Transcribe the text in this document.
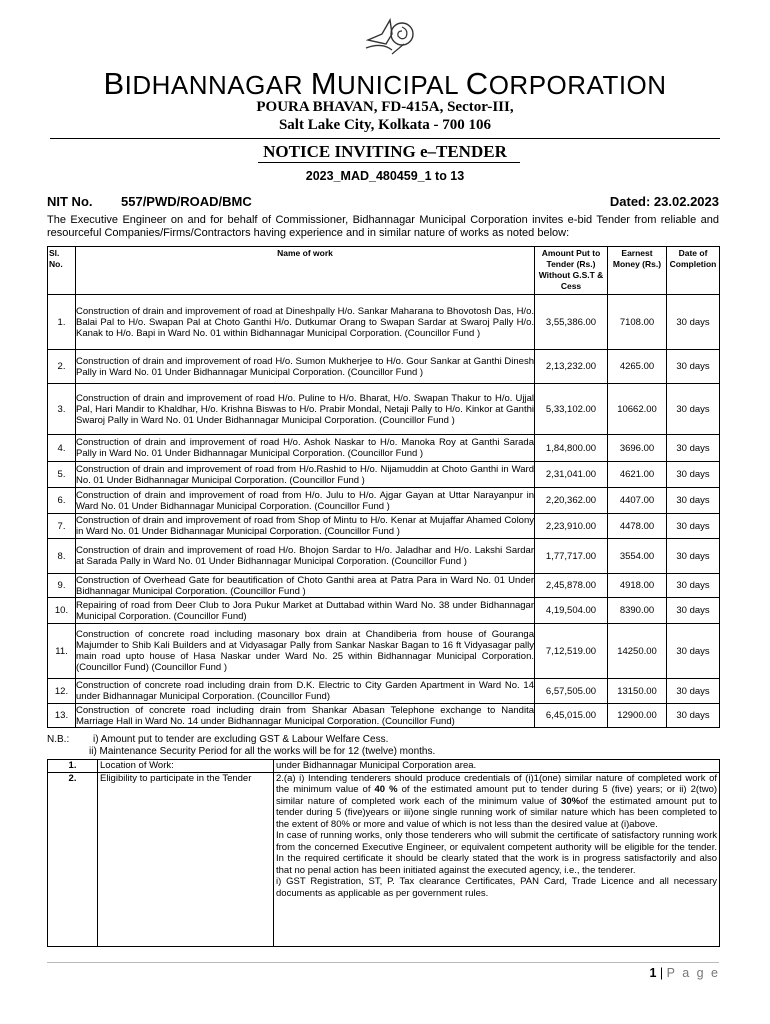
BIDHANNAGAR MUNICIPAL CORPORATION
POURA BHAVAN, FD-415A, Sector-III,
Salt Lake City, Kolkata - 700 106
NOTICE INVITING e–TENDER
2023_MAD_480459_1 to 13
NIT No. 557/PWD/ROAD/BMC	Dated: 23.02.2023
The Executive Engineer on and for behalf of Commissioner, Bidhannagar Municipal Corporation invites e-bid Tender from reliable and resourceful Companies/Firms/Contractors having experience and in similar nature of works as noted below:
Sl. No.	Name of work	Amount Put to Tender (Rs.) Without G.S.T & Cess	Earnest Money (Rs.)	Date of Completion
1.	Construction of drain and improvement of road at Dineshpally H/o. Sankar Maharana to Bhovotosh Das, H/o. Balai Pal to H/o. Swapan Pal at Choto Ganthi H/o. Dutkumar Orang to Swapan Sardar at Swaroj Pally H/o. Kanak to H/o. Bapi in Ward No. 01 within Bidhannagar Municipal Corporation. (Councillor Fund )	3,55,386.00	7108.00	30 days
2.	Construction of drain and improvement of road H/o. Sumon Mukherjee to H/o. Gour Sankar at Ganthi Dinesh Pally in Ward No. 01 Under Bidhannagar Municipal Corporation. (Councillor Fund )	2,13,232.00	4265.00	30 days
3.	Construction of drain and improvement of road H/o. Puline to H/o. Bharat, H/o. Swapan Thakur to H/o. Ujjal Pal, Hari Mandir to Khaldhar, H/o. Krishna Biswas to H/o. Prabir Mondal, Netaji Pally to H/o. Kinkor at Ganthi Swaroj Pally in Ward No. 01 Under Bidhannagar Municipal Corporation. (Councillor Fund )	5,33,102.00	10662.00	30 days
4.	Construction of drain and improvement of road H/o. Ashok Naskar to H/o. Manoka Roy at Ganthi Sarada Pally in Ward No. 01 Under Bidhannagar Municipal Corporation. (Councillor Fund )	1,84,800.00	3696.00	30 days
5.	Construction of drain and improvement of road from H/o.Rashid to H/o. Nijamuddin at Choto Ganthi in Ward No. 01 Under Bidhannagar Municipal Corporation. (Councillor Fund )	2,31,041.00	4621.00	30 days
6.	Construction of drain and improvement of road from H/o. Julu to H/o. Ajgar Gayan at Uttar Narayanpur in Ward No. 01 Under Bidhannagar Municipal Corporation. (Councillor Fund )	2,20,362.00	4407.00	30 days
7.	Construction of drain and improvement of road from Shop of Mintu to H/o. Kenar at Mujaffar Ahamed Colony in Ward No. 01 Under Bidhannagar Municipal Corporation. (Councillor Fund )	2,23,910.00	4478.00	30 days
8.	Construction of drain and improvement of road H/o. Bhojon Sardar to H/o. Jaladhar and H/o. Lakshi Sardar at Sarada Pally in Ward No. 01 Under Bidhannagar Municipal Corporation. (Councillor Fund )	1,77,717.00	3554.00	30 days
9.	Construction of Overhead Gate for beautification of Choto Ganthi area at Patra Para in Ward No. 01 Under Bidhannagar Municipal Corporation. (Councillor Fund )	2,45,878.00	4918.00	30 days
10.	Repairing of road from Deer Club to Jora Pukur Market at Duttabad within Ward No. 38 under Bidhannagar Municipal Corporation. (Councillor Fund)	4,19,504.00	8390.00	30 days
11.	Construction of concrete road including masonary box drain at Chandiberia from house of Gouranga Majumder to Shib Kali Builders and at Vidyasagar Pally from Sankar Naskar Bagan to 16 ft Vidyasagar pally main road upto house of Hasa Naskar under Ward No. 25 within Bidhannagar Municipal Corporation. (Councillor Fund) (Councillor Fund )	7,12,519.00	14250.00	30 days
12.	Construction of concrete road including drain from D.K. Electric to City Garden Apartment in Ward No. 14 under Bidhannagar Municipal Corporation. (Councillor Fund)	6,57,505.00	13150.00	30 days
13.	Construction of concrete road including drain from Shankar Abasan Telephone exchange to Nandita Marriage Hall in Ward No. 14 under Bidhannagar Municipal Corporation. (Councillor Fund)	6,45,015.00	12900.00	30 days
N.B.: i) Amount put to tender are excluding GST & Labour Welfare Cess.
ii) Maintenance Security Period for all the works will be for 12 (twelve) months.
1.	Location of Work:	under Bidhannagar Municipal Corporation area.
2.	Eligibility to participate in the Tender	2.(a) i) Intending tenderers should produce credentials of (i)1(one) similar nature of completed work of the minimum value of 40 % of the estimated amount put to tender during 5 (five) years; or ii) 2(two) similar nature of completed work each of the minimum value of 30%of the estimated amount put to tender during 5 (five)years or iii)one single running work of similar nature which has been completed to the extent of 80% or more and value of which is not less than the desired value at (i)above.

In case of running works, only those tenderers who will submit the certificate of satisfactory running work from the concerned Executive Engineer, or equivalent competent authority will be eligible for the tender. In the required certificate it should be clearly stated that the work is in progress satisfactorily and also that no penal action has been initiated against the executed agency, i.e., the tenderer.

i) GST Registration, ST, P. Tax clearance Certificates, PAN Card, Trade Licence and all necessary documents as applicable as per government rules.

1 | P a g e
